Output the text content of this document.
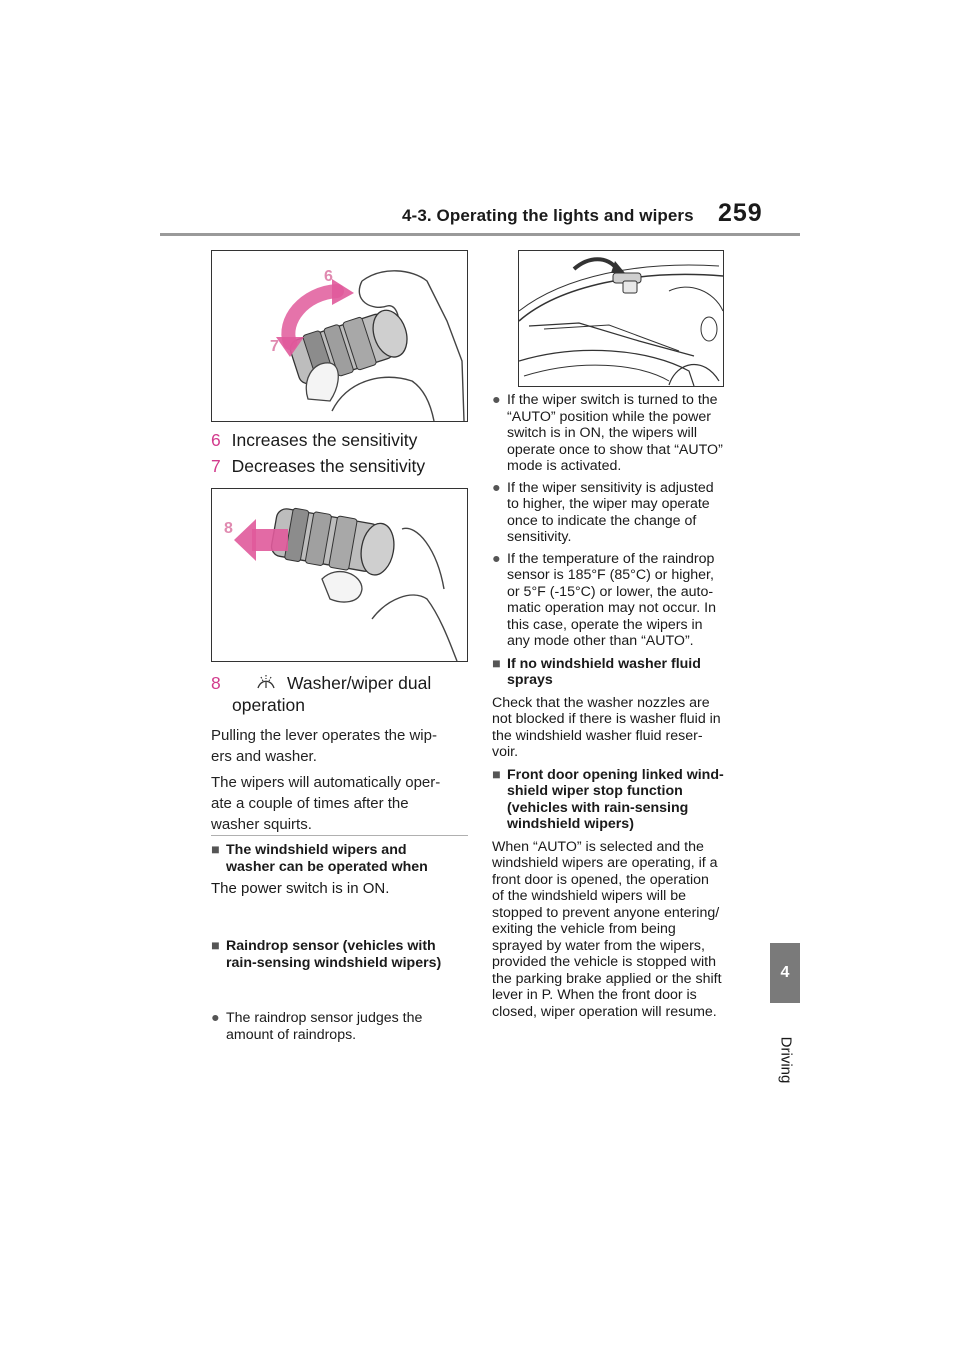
4-3. Operating the lights and wipers 259
4
Driving
6
7
6 Increases the sensitivity
7 Decreases the sensitivity
8
8	Washer/wiper dual
operation
Pulling the lever operates the wip-
ers and washer.
The wipers will automatically oper-
ate a couple of times after the
washer squirts.
■ The windshield wipers and
washer can be operated when
The power switch is in ON.
■ Raindrop sensor (vehicles with
rain-sensing windshield wipers)
● The raindrop sensor judges the
amount of raindrops.
● If the wiper switch is turned to the
“AUTO” position while the power
switch is in ON, the wipers will
operate once to show that “AUTO”
mode is activated.
● If the wiper sensitivity is adjusted
to higher, the wiper may operate
once to indicate the change of
sensitivity.
● If the temperature of the raindrop
sensor is 185°F (85°C) or higher,
or 5°F (-15°C) or lower, the auto-
matic operation may not occur. In
this case, operate the wipers in
any mode other than “AUTO”.
■ If no windshield washer fluid
sprays
Check that the washer nozzles are
not blocked if there is washer fluid in
the windshield washer fluid reser-
voir.
■ Front door opening linked wind-
shield wiper stop function
(vehicles with rain-sensing
windshield wipers)
When “AUTO” is selected and the
windshield wipers are operating, if a
front door is opened, the operation
of the windshield wipers will be
stopped to prevent anyone entering/
exiting the vehicle from being
sprayed by water from the wipers,
provided the vehicle is stopped with
the parking brake applied or the shift
lever in P. When the front door is
closed, wiper operation will resume.
